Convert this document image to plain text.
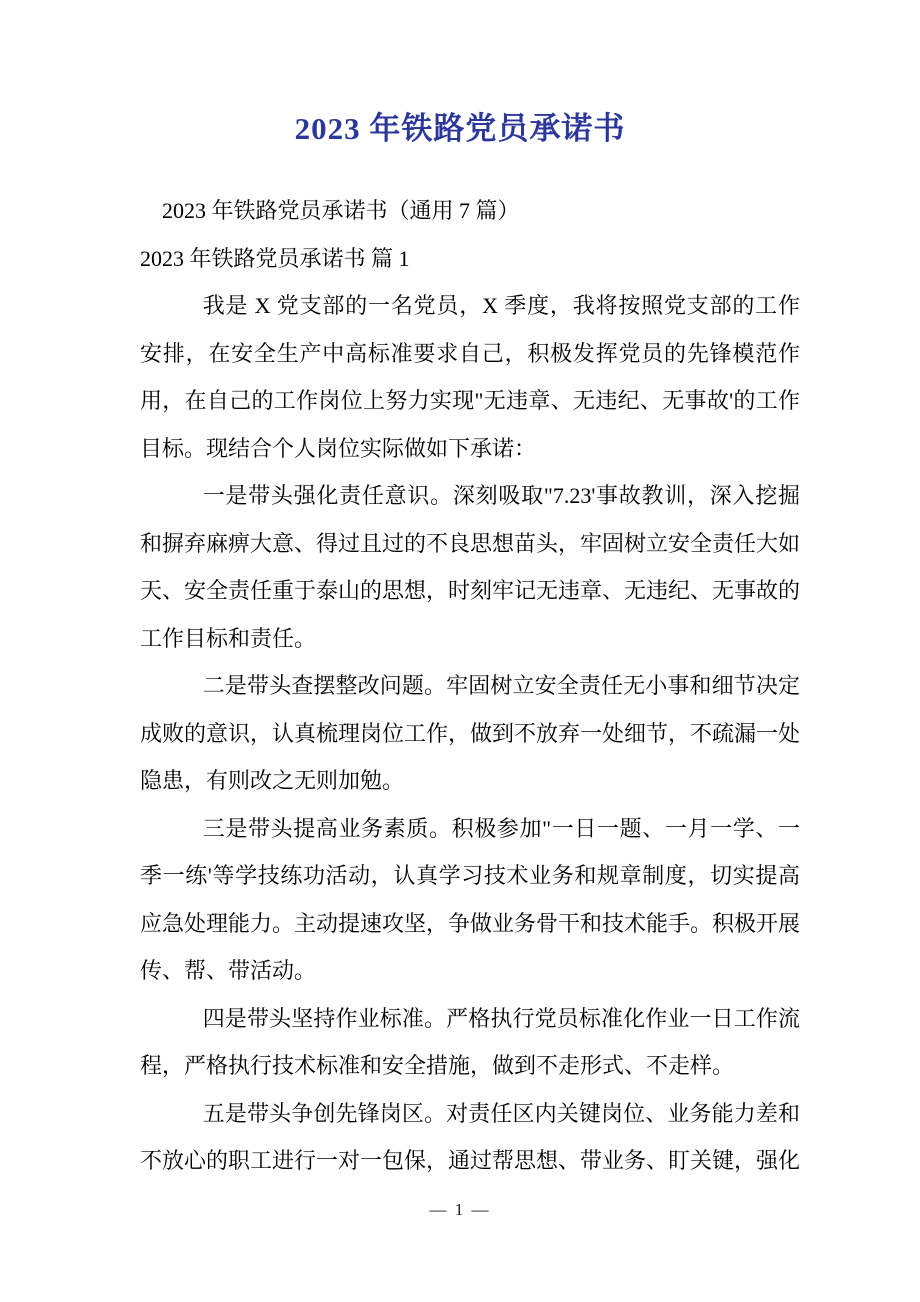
2023 年铁路党员承诺书

2023 年铁路党员承诺书（通用 7 篇）

2023 年铁路党员承诺书 篇 1

我是 X 党支部的一名党员，X 季度，我将按照党支部的工作安排，在安全生产中高标准要求自己，积极发挥党员的先锋模范作用，在自己的工作岗位上努力实现"无违章、无违纪、无事故'的工作目标。现结合个人岗位实际做如下承诺：

一是带头强化责任意识。深刻吸取"7.23'事故教训，深入挖掘和摒弃麻痹大意、得过且过的不良思想苗头，牢固树立安全责任大如天、安全责任重于泰山的思想，时刻牢记无违章、无违纪、无事故的工作目标和责任。

二是带头查摆整改问题。牢固树立安全责任无小事和细节决定成败的意识，认真梳理岗位工作，做到不放弃一处细节，不疏漏一处隐患，有则改之无则加勉。

三是带头提高业务素质。积极参加"一日一题、一月一学、一季一练'等学技练功活动，认真学习技术业务和规章制度，切实提高应急处理能力。主动提速攻坚，争做业务骨干和技术能手。积极开展传、帮、带活动。

四是带头坚持作业标准。严格执行党员标准化作业一日工作流程，严格执行技术标准和安全措施，做到不走形式、不走样。

五是带头争创先锋岗区。对责任区内关键岗位、业务能力差和不放心的职工进行一对一包保，通过帮思想、带业务、盯关键，强化

— 1 —
